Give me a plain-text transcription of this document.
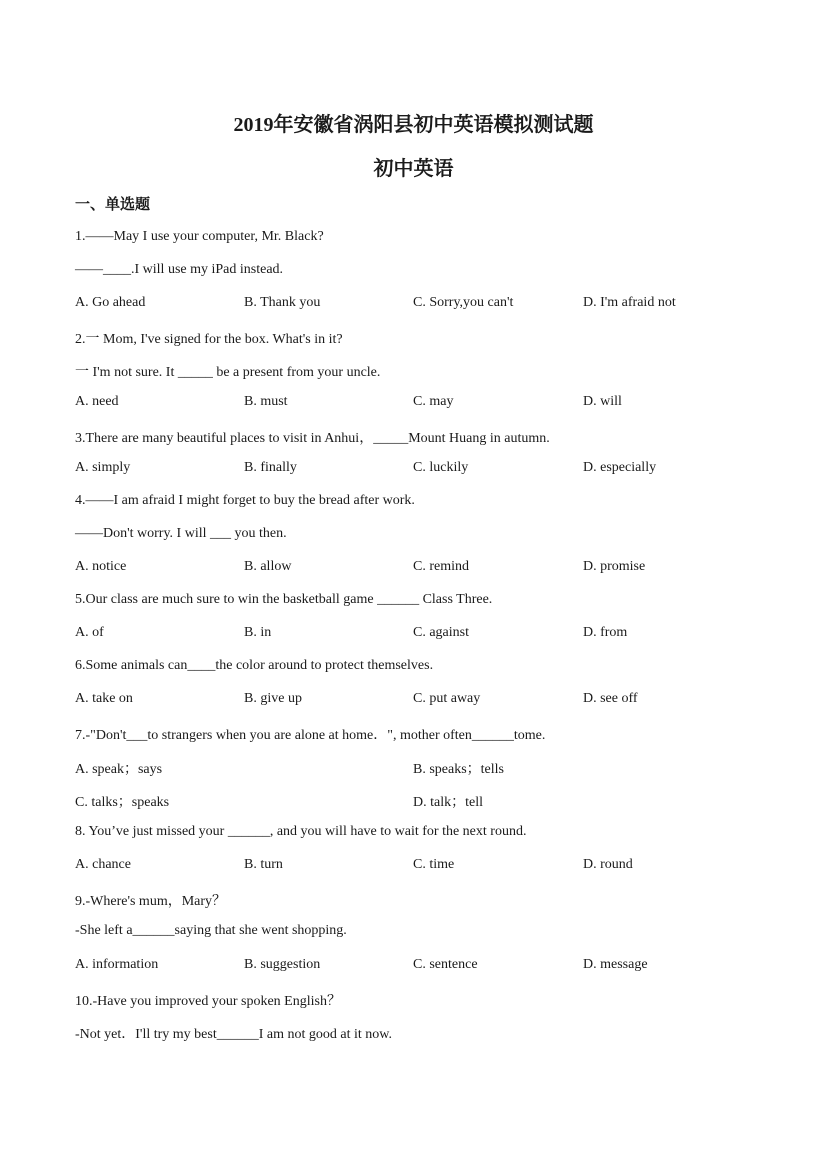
2019年安徽省涡阳县初中英语模拟测试题
初中英语
一、单选题
1.——May I use your computer, Mr. Black?
——____.I will use my iPad instead.
A. Go ahead	B. Thank you	C. Sorry,you can't	D. I'm afraid not
2.一 Mom, I've signed for the box. What's in it?
一 I'm not sure. It _____ be a present from your uncle.
A. need	B. must	C. may	D. will
3.There are many beautiful places to visit in Anhui，_____Mount Huang in autumn.
A. simply	B. finally	C. luckily	D. especially
4.——I am afraid I might forget to buy the bread after work.
——Don't worry. I will ___ you then.
A. notice	B. allow	C. remind	D. promise
5.Our class are much sure to win the basketball game ______ Class Three.
A. of	B. in	C. against	D. from
6.Some animals can____the color around to protect themselves.
A. take on	B. give up	C. put away	D. see off
7.-"Don't___to strangers when you are alone at home．", mother often______tome.
A. speak；says	B. speaks；tells
C. talks；speaks	D. talk；tell
8. You’ve just missed your ______, and you will have to wait for the next round.
A. chance	B. turn	C. time	D. round
9.-Where's mum，Mary？
-She left a______saying that she went shopping.
A. information	B. suggestion	C. sentence	D. message
10.-Have you improved your spoken English？
-Not yet．I'll try my best______I am not good at it now.
